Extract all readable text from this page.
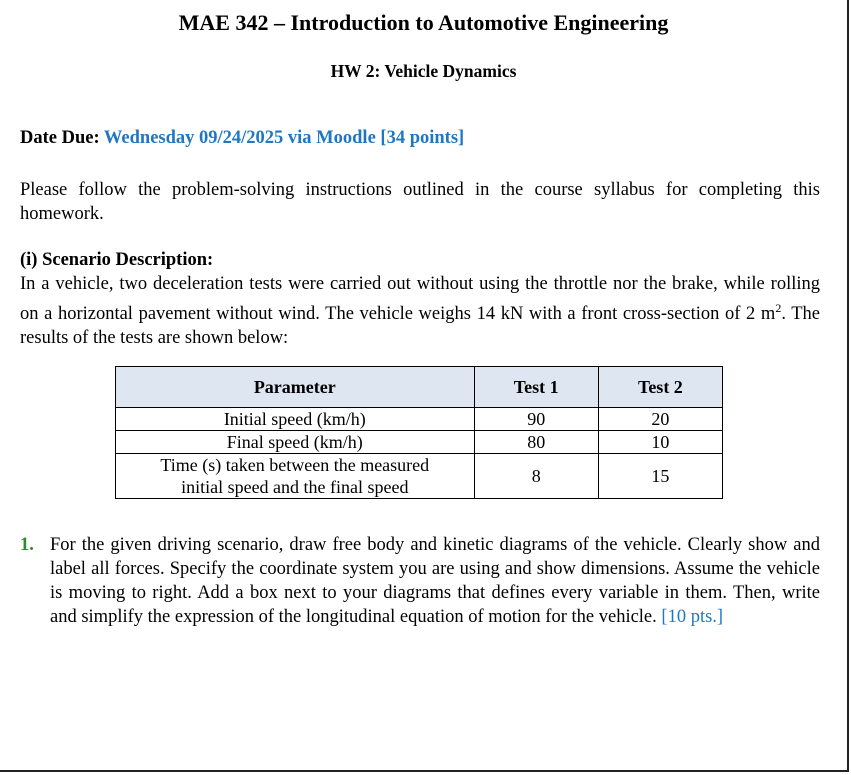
MAE 342 – Introduction to Automotive Engineering
HW 2: Vehicle Dynamics
Date Due: Wednesday 09/24/2025 via Moodle [34 points]
Please follow the problem-solving instructions outlined in the course syllabus for completing this homework.
(i) Scenario Description:
In a vehicle, two deceleration tests were carried out without using the throttle nor the brake, while rolling on a horizontal pavement without wind. The vehicle weighs 14 kN with a front cross-section of 2 $m^2$. The results of the tests are shown below:
Parameter	Test 1	Test 2
Initial speed (km/h)	90	20
Final speed (km/h)	80	10

Time (s) taken between the measured
initial speed and the final speed	8	15
1. For the given driving scenario, draw free body and kinetic diagrams of the vehicle. Clearly show and label all forces. Specify the coordinate system you are using and show dimensions. Assume the vehicle is moving to right. Add a box next to your diagrams that defines every variable in them. Then, write and simplify the expression of the longitudinal equation of motion for the vehicle. [10 pts.]
